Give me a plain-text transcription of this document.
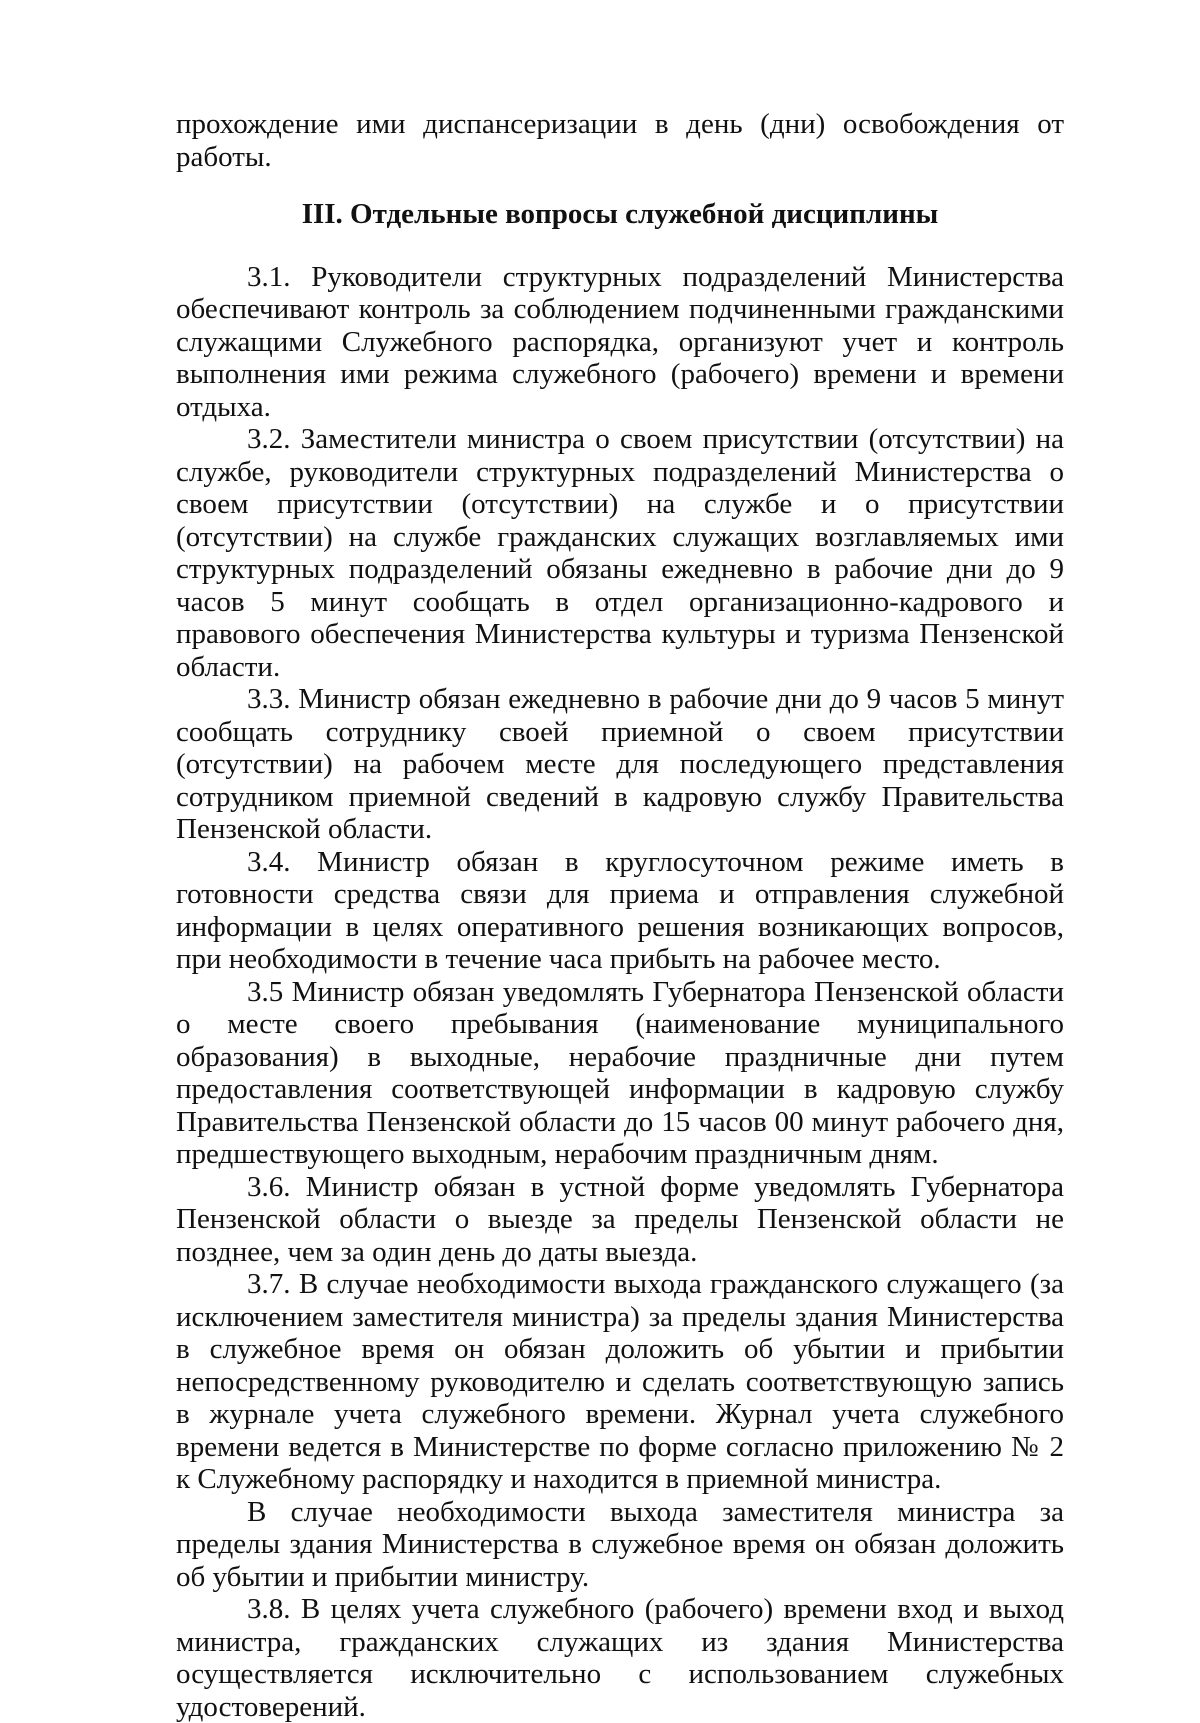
прохождение ими диспансеризации в день (дни) освобождения от работы.

III. Отдельные вопросы служебной дисциплины

3.1. Руководители структурных подразделений Министерства обеспечивают контроль за соблюдением подчиненными гражданскими служащими Служебного распорядка, организуют учет и контроль выполнения ими режима служебного (рабочего) времени и времени отдыха.

3.2. Заместители министра о своем присутствии (отсутствии) на службе, руководители структурных подразделений Министерства о своем присутствии (отсутствии) на службе и о присутствии (отсутствии) на службе гражданских служащих возглавляемых ими структурных подразделений обязаны ежедневно в рабочие дни до 9 часов 5 минут сообщать в отдел организационно-кадрового и правового обеспечения Министерства культуры и туризма Пензенской области.

3.3. Министр обязан ежедневно в рабочие дни до 9 часов 5 минут сообщать сотруднику своей приемной о своем присутствии (отсутствии) на рабочем месте для последующего представления сотрудником приемной сведений в кадровую службу Правительства Пензенской области.

3.4. Министр обязан в круглосуточном режиме иметь в готовности средства связи для приема и отправления служебной информации в целях оперативного решения возникающих вопросов, при необходимости в течение часа прибыть на рабочее место.

3.5 Министр обязан уведомлять Губернатора Пензенской области о месте своего пребывания (наименование муниципального образования) в выходные, нерабочие праздничные дни путем предоставления соответствующей информации в кадровую службу Правительства Пензенской области до 15 часов 00 минут рабочего дня, предшествующего выходным, нерабочим праздничным дням.

3.6. Министр обязан в устной форме уведомлять Губернатора Пензенской области о выезде за пределы Пензенской области не позднее, чем за один день до даты выезда.

3.7. В случае необходимости выхода гражданского служащего (за исключением заместителя министра) за пределы здания Министерства в служебное время он обязан доложить об убытии и прибытии непосредственному руководителю и сделать соответствующую запись в журнале учета служебного времени. Журнал учета служебного времени ведется в Министерстве по форме согласно приложению № 2 к Служебному распорядку и находится в приемной министра.

В случае необходимости выхода заместителя министра за пределы здания Министерства в служебное время он обязан доложить об убытии и прибытии министру.

3.8. В целях учета служебного (рабочего) времени вход и выход министра, гражданских служащих из здания Министерства осуществляется исключительно с использованием служебных удостоверений.
